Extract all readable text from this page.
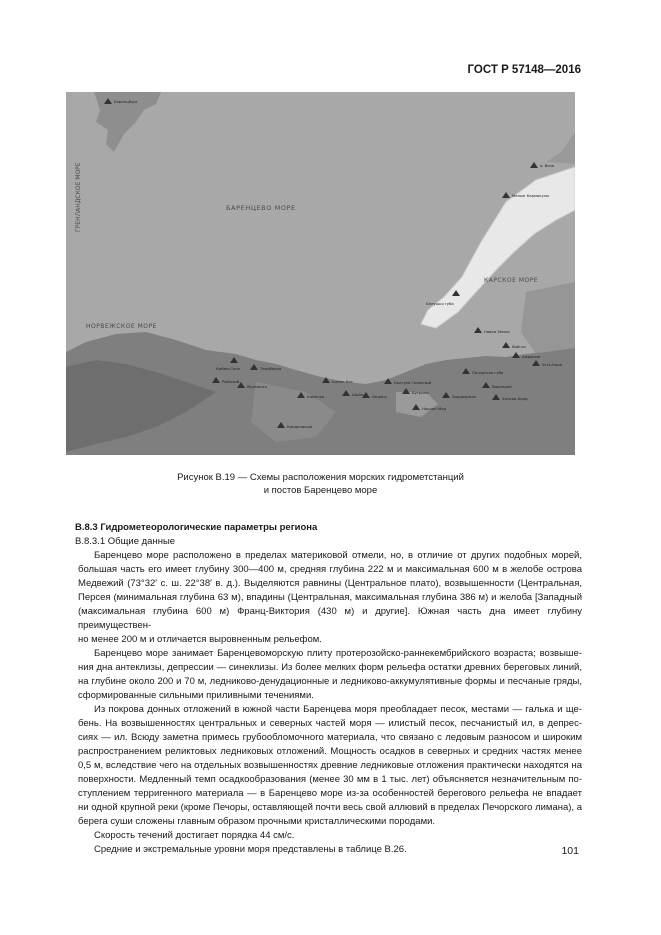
ГОСТ Р 57148—2016
ГРЕНЛАНДСКОЕ МОРЕ	БАРЕНЦЕВО МОРЕ
НОРВЕЖСКОЕ МОРЕ
КАРСКОЕ МОРЕ
Баренцбург
о. Визе
Малые Кармакулы
Белушья губа
Кийма-Сала	Териберка
Мурманск
Печорская губа
Нарьян-Мар
Варандей
Амдерма
Индига
Канин Нос	Колгуев Северный
Ходовариха
Шойна	Бугрино
Хоседа-Хард
Усть-Кара
Новая Земля
Вайгач
Каменка
Рыбачий
Кандалакша
Рисунок В.19 — Схемы расположения морских гидрометстанций
и постов Баренцево море
В.8.3 Гидрометеорологические параметры региона
В.8.3.1 Общие данные
Баренцево море расположено в пределах материковой отмели, но, в отличие от других подобных морей,
большая часть его имеет глубину 300—400 м, средняя глубина 222 м и максимальная 600 м в желобе острова
Медвежий (73°32′ с. ш. 22°38′ в. д.). Выделяются равнины (Центральное плато), возвышенности (Центральная,
Персея (минимальная глубина 63 м), впадины (Центральная, максимальная глубина 386 м) и желоба [Западный
(максимальная глубина 600 м) Франц-Виктория (430 м) и другие]. Южная часть дна имеет глубину преимуществен-
но менее 200 м и отличается выровненным рельефом.
Баренцево море занимает Баренцевоморскую плиту протерозойско-раннекембрийского возраста; возвыше-
ния дна антеклизы, депрессии — синеклизы. Из более мелких форм рельефа остатки древних береговых линий,
на глубине около 200 и 70 м, ледниково-денудационные и ледниково-аккумулятивные формы и песчаные гряды,
сформированные сильными приливными течениями.
Из покрова донных отложений в южной части Баренцева моря преобладает песок, местами — галька и ще-
бень. На возвышенностях центральных и северных частей моря — илистый песок, песчанистый ил, в депрес-
сиях — ил. Всюду заметна примесь грубообломочного материала, что связано с ледовым разносом и широким
распространением реликтовых ледниковых отложений. Мощность осадков в северных и средних частях менее
0,5 м, вследствие чего на отдельных возвышенностях древние ледниковые отложения практически находятся на
поверхности. Медленный темп осадкообразования (менее 30 мм в 1 тыс. лет) объясняется незначительным по-
ступлением терригенного материала — в Баренцево море из-за особенностей берегового рельефа не впадает
ни одной крупной реки (кроме Печоры, оставляющей почти весь свой аллювий в пределах Печорского лимана), а
берега суши сложены главным образом прочными кристаллическими породами.
Скорость течений достигает порядка 44 см/с.
Средние и экстремальные уровни моря представлены в таблице В.26.	101
